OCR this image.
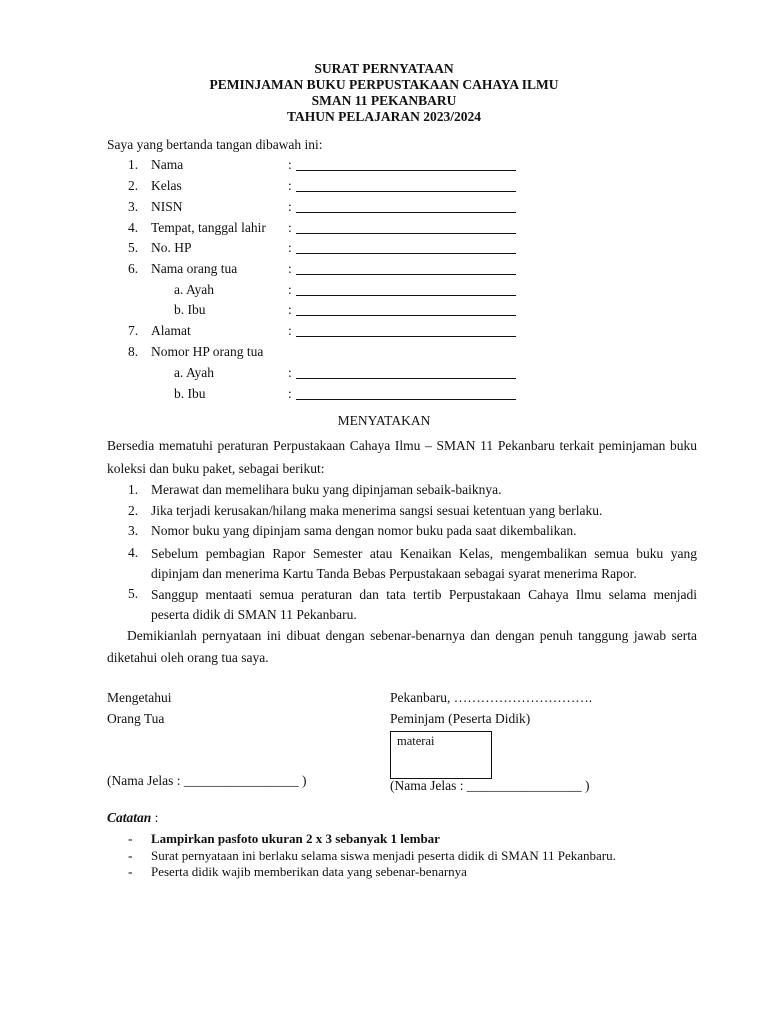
SURAT PERNYATAAN
PEMINJAMAN BUKU PERPUSTAKAAN CAHAYA ILMU
SMAN 11 PEKANBARU
TAHUN PELAJARAN 2023/2024
Saya yang bertanda tangan dibawah ini:
1. Nama	:
2. Kelas	:
3. NISN	:
4. Tempat, tanggal lahir :
5. No. HP	:
6. Nama orang tua	:
a. Ayah	:
b. Ibu	:
7. Alamat	:
8. Nomor HP orang tua
a. Ayah	:
b. Ibu	:
MENYATAKAN
Bersedia mematuhi peraturan Perpustakaan Cahaya Ilmu – SMAN 11 Pekanbaru terkait peminjaman buku
koleksi dan buku paket, sebagai berikut:
1. Merawat dan memelihara buku yang dipinjaman sebaik-baiknya.
2. Jika terjadi kerusakan/hilang maka menerima sangsi sesuai ketentuan yang berlaku.
3. Nomor buku yang dipinjam sama dengan nomor buku pada saat dikembalikan.
4. Sebelum pembagian Rapor Semester atau Kenaikan Kelas, mengembalikan semua buku yang
dipinjam dan menerima Kartu Tanda Bebas Perpustakaan sebagai syarat menerima Rapor.
5. Sanggup mentaati semua peraturan dan tata tertib Perpustakaan Cahaya Ilmu selama menjadi
peserta didik di SMAN 11 Pekanbaru.
Demikianlah pernyataan ini dibuat dengan sebenar-benarnya dan dengan penuh tanggung jawab serta
diketahui oleh orang tua saya.
Mengetahui
Orang Tua
(Nama Jelas : _________________ )
Pekanbaru, ………………………….
Peminjam (Peserta Didik)
materai
(Nama Jelas : _________________ )
Catatan :
- Lampirkan pasfoto ukuran 2 x 3 sebanyak 1 lembar
- Surat pernyataan ini berlaku selama siswa menjadi peserta didik di SMAN 11 Pekanbaru.
- Peserta didik wajib memberikan data yang sebenar-benarnya
